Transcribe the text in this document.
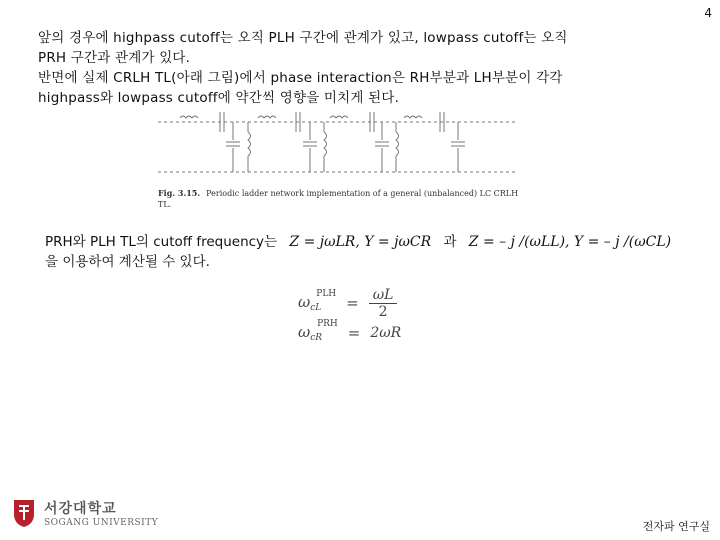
4
앞의 경우에 highpass cutoff는 오직 PLH 구간에 관계가 있고, lowpass cutoff는 오직
PRH 구간과 관계가 있다.
반면에 실제 CRLH TL(아래 그림)에서 phase interaction은 RH부분과 LH부분이 각각
highpass와 lowpass cutoff에 약간씩 영향을 미치게 된다.
Fig. 3.15. Periodic ladder network implementation of a general (unbalanced) LC CRLH
TL.
PRH와 PLH TL의 cutoff frequency는 Z = jωLR, Y = jωCR 과 Z = – j /(ωLL), Y = – j /(ωCL)
을 이용하여 계산될 수 있다.
ω cL
PLH = $\frac{\omega L}{2}$
ω cR
PRH = 2ωR
서강대학교
SOGANG UNIVERSITY	전자파 연구실
